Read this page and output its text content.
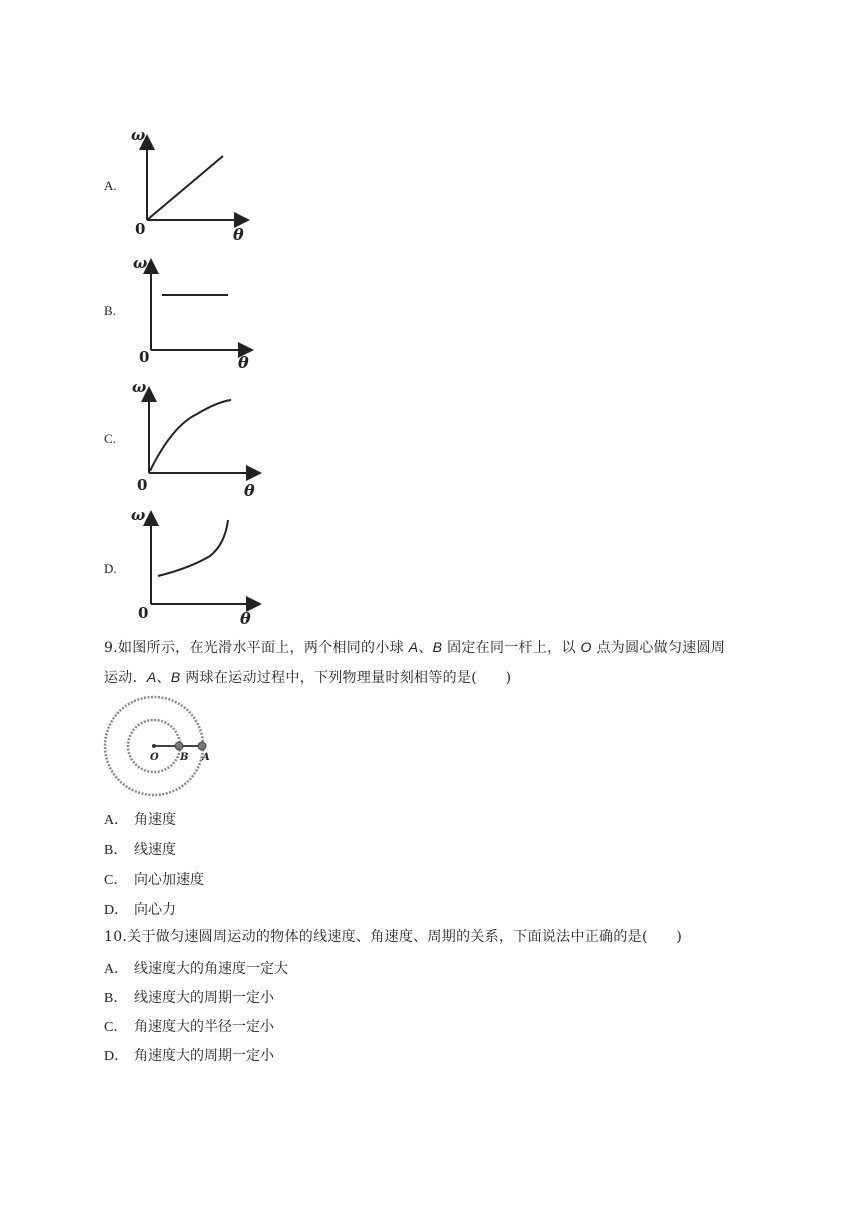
A.
ω
0	θ
B.
ω
0	θ
C.
ω
0	θ
D.
ω
0	θ
9.如图所示，在光滑水平面上，两个相同的小球 A、B 固定在同一杆上，以 O 点为圆心做匀速圆周
运动．A、B 两球在运动过程中，下列物理量时刻相等的是(　　)
O B A
A． 角速度
B． 线速度
C． 向心加速度
D． 向心力
10.关于做匀速圆周运动的物体的线速度、角速度、周期的关系，下面说法中正确的是(　　)
A． 线速度大的角速度一定大
B． 线速度大的周期一定小
C． 角速度大的半径一定小
D． 角速度大的周期一定小
